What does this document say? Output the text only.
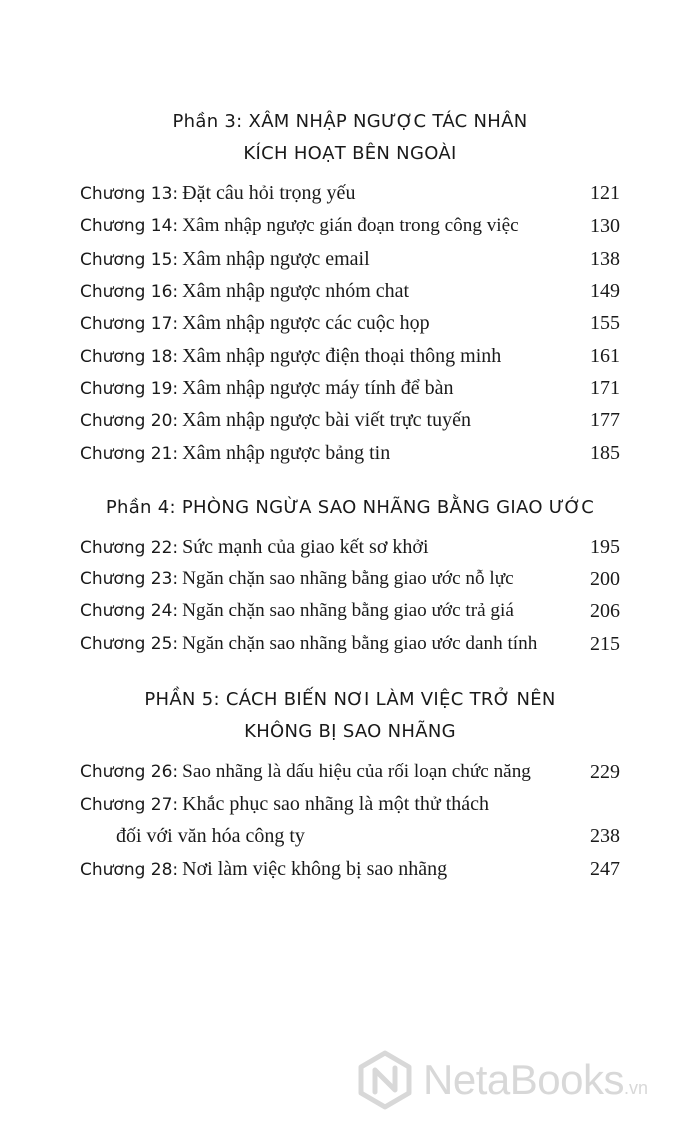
Phần 3: XÂM NHẬP NGƯỢC TÁC NHÂN
KÍCH HOẠT BÊN NGOÀI
Chương 13: Đặt câu hỏi trọng yếu	121
Chương 14: Xâm nhập ngược gián đoạn trong công việc	130
Chương 15: Xâm nhập ngược email	138
Chương 16: Xâm nhập ngược nhóm chat	149
Chương 17: Xâm nhập ngược các cuộc họp	155
Chương 18: Xâm nhập ngược điện thoại thông minh	161
Chương 19: Xâm nhập ngược máy tính để bàn	171
Chương 20: Xâm nhập ngược bài viết trực tuyến	177
Chương 21: Xâm nhập ngược bảng tin	185
Phần 4: PHÒNG NGỪA SAO NHÃNG BẰNG GIAO ƯỚC
Chương 22: Sức mạnh của giao kết sơ khởi	195
Chương 23: Ngăn chặn sao nhãng bằng giao ước nỗ lực	200
Chương 24: Ngăn chặn sao nhãng bằng giao ước trả giá	206
Chương 25: Ngăn chặn sao nhãng bằng giao ước danh tính	215
PHẦN 5: CÁCH BIẾN NƠI LÀM VIỆC TRỞ NÊN
KHÔNG BỊ SAO NHÃNG
Chương 26: Sao nhãng là dấu hiệu của rối loạn chức năng	229
Chương 27: Khắc phục sao nhãng là một thử thách
đối với văn hóa công ty	238
Chương 28: Nơi làm việc không bị sao nhãng	247
NetaBooks.vn
